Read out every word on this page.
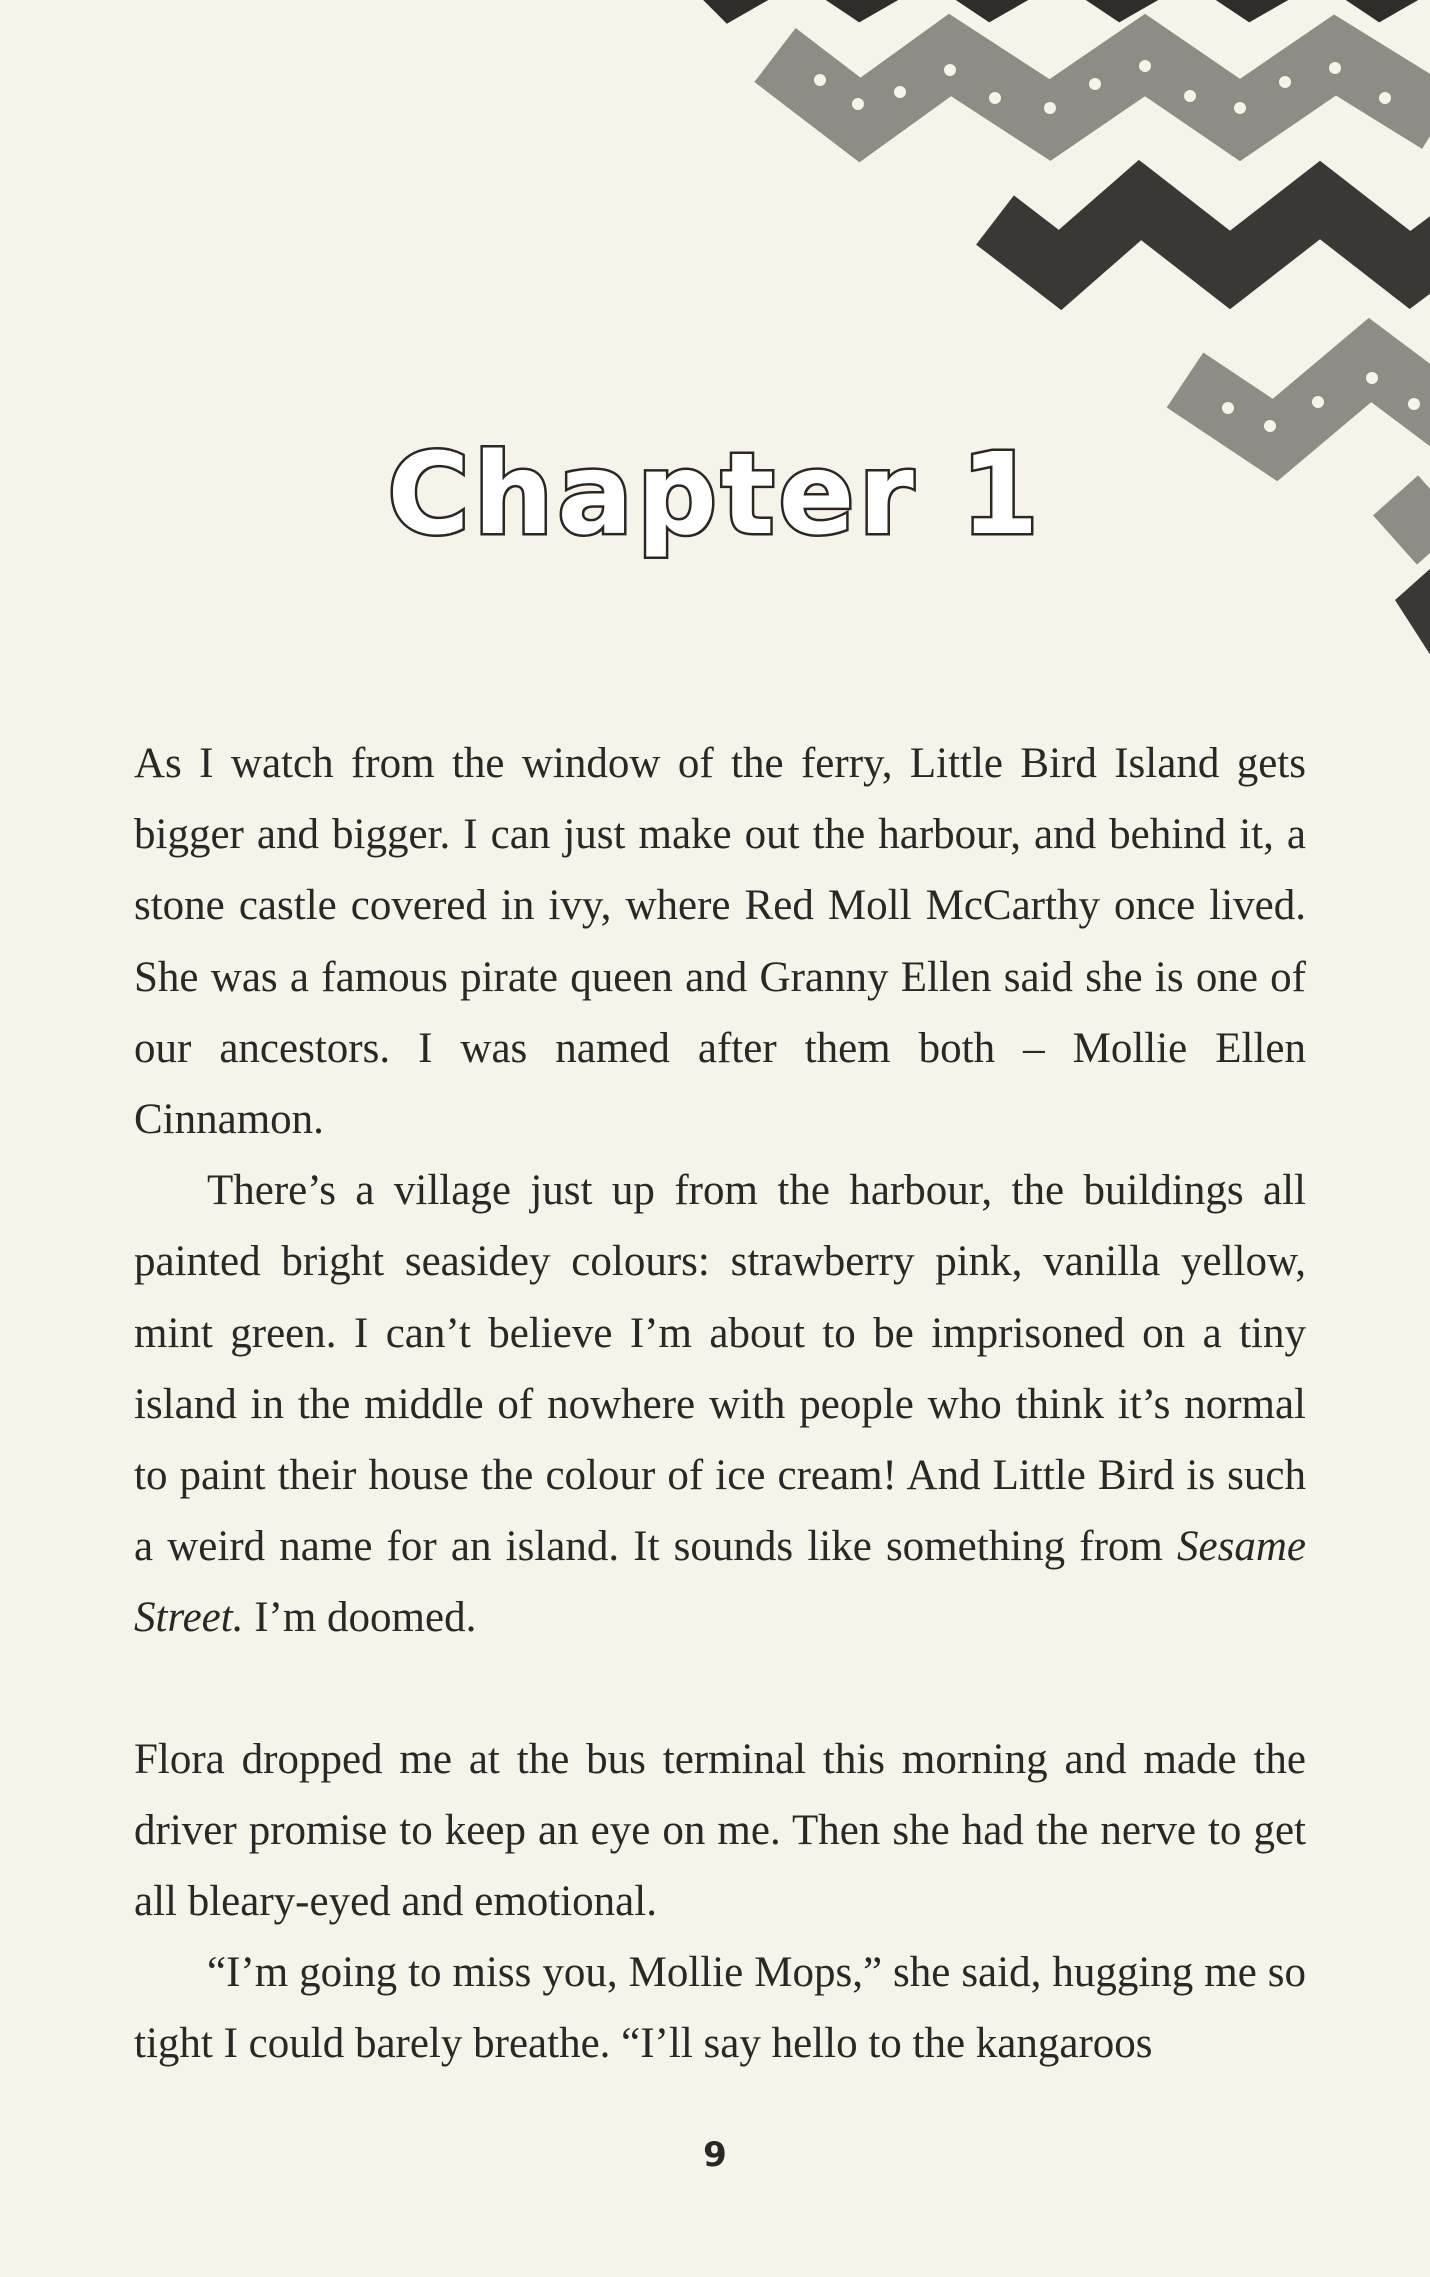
Chapter 1

As I watch from the window of the ferry, Little Bird Island gets bigger and bigger. I can just make out the harbour, and behind it, a stone castle covered in ivy, where Red Moll McCarthy once lived. She was a famous pirate queen and Granny Ellen said she is one of our ancestors. I was named after them both – Mollie Ellen Cinnamon.

There’s a village just up from the harbour, the buildings all painted bright seasidey colours: strawberry pink, vanilla yellow, mint green. I can’t believe I’m about to be imprisoned on a tiny island in the middle of nowhere with people who think it’s normal to paint their house the colour of ice cream! And Little Bird is such a weird name for an island. It sounds like something from Sesame Street. I’m doomed.

Flora dropped me at the bus terminal this morning and made the driver promise to keep an eye on me. Then she had the nerve to get all bleary-eyed and emotional.

“I’m going to miss you, Mollie Mops,” she said, hugging me so tight I could barely breathe. “I’ll say hello to the kangaroos

9
